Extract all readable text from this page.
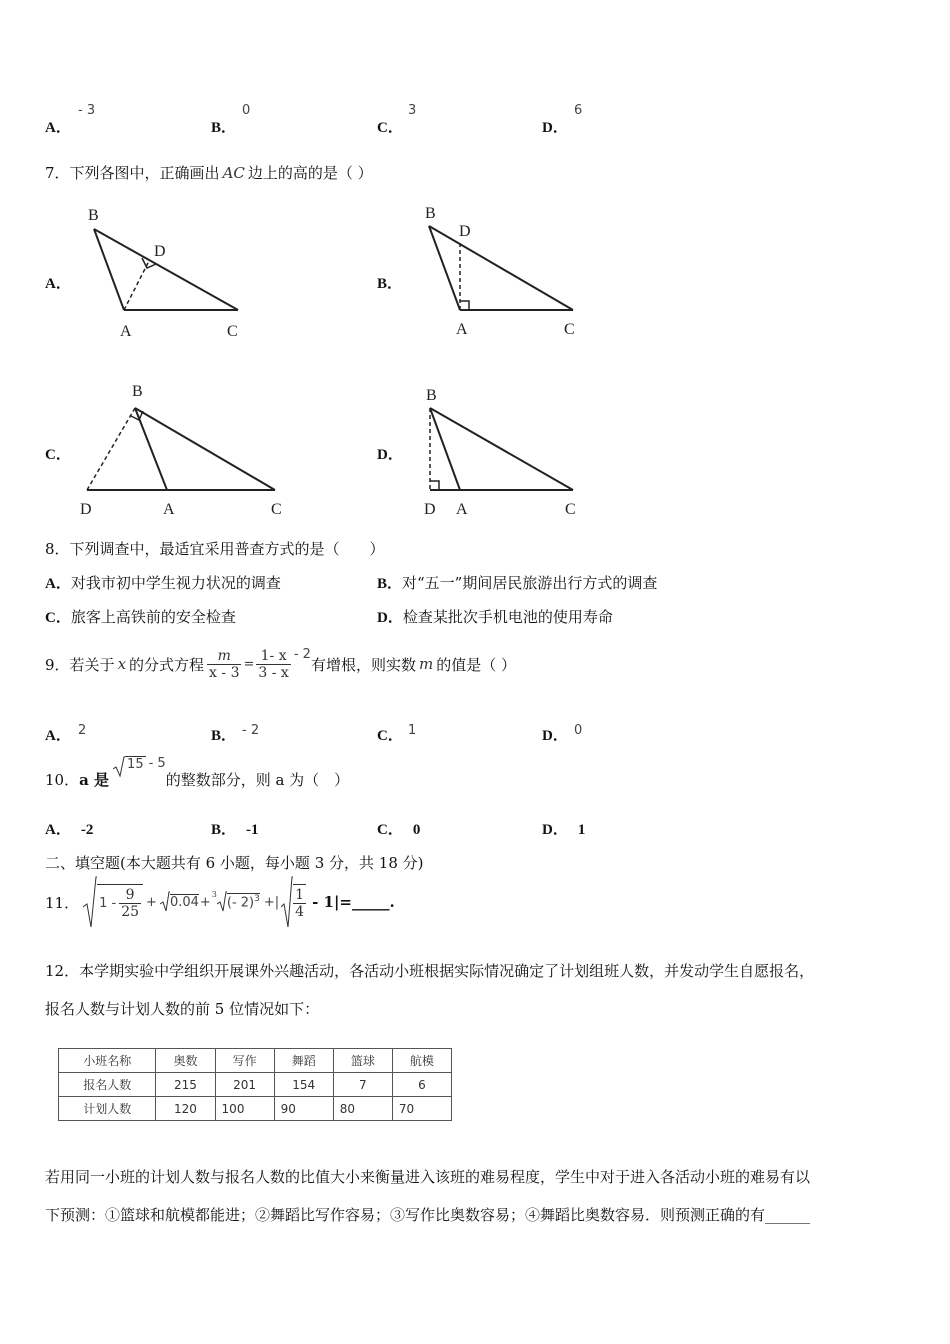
A．
- 3
B．
0
C．
3
D．
6
7．下列各图中，正确画出 AC 边上的高的是（ ）
A．
B
D
A	C
B．
B
D
A	C
C．
B
D	A	C
D．
B
D A	C
8．下列调查中，最适宜采用普查方式的是（　　）
A．对我市初中学生视力状况的调查	B．对“五一”期间居民旅游出行方式的调查
C．旅客上高铁前的安全检查	D．检查某批次手机电池的使用寿命
9． 若关于 x 的分式方程 $\frac{m}{x - 3} = \frac{1- x}{3 - x} - 2$
有增根，则实数 m 的值是（ ）
A． 2	B． - 2	C． 1	D． 0
10． a 是
15 - 5
的整数部分，则 a 为（　）
A． -2	B． -1	C． 0	D． 1
二、填空题(本大题共有 6 小题，每小题 3 分，共 18 分)
11． $1 - \frac{9}{25} + 0.04$ +
3
(- 2)$^3$ +| $\frac{1}{4}$ - 1|=_____.
12．本学期实验中学组织开展课外兴趣活动，各活动小班根据实际情况确定了计划组班人数，并发动学生自愿报名，
报名人数与计划人数的前 5 位情况如下：
小班名称	奥数	写作	舞蹈	篮球	航模
报名人数	215	201	154	7	6
计划人数	120	100	90	80	70
若用同一小班的计划人数与报名人数的比值大小来衡量进入该班的难易程度，学生中对于进入各活动小班的难易有以
下预测：①篮球和航模都能进；②舞蹈比写作容易；③写作比奥数容易；④舞蹈比奥数容易．则预测正确的有______
